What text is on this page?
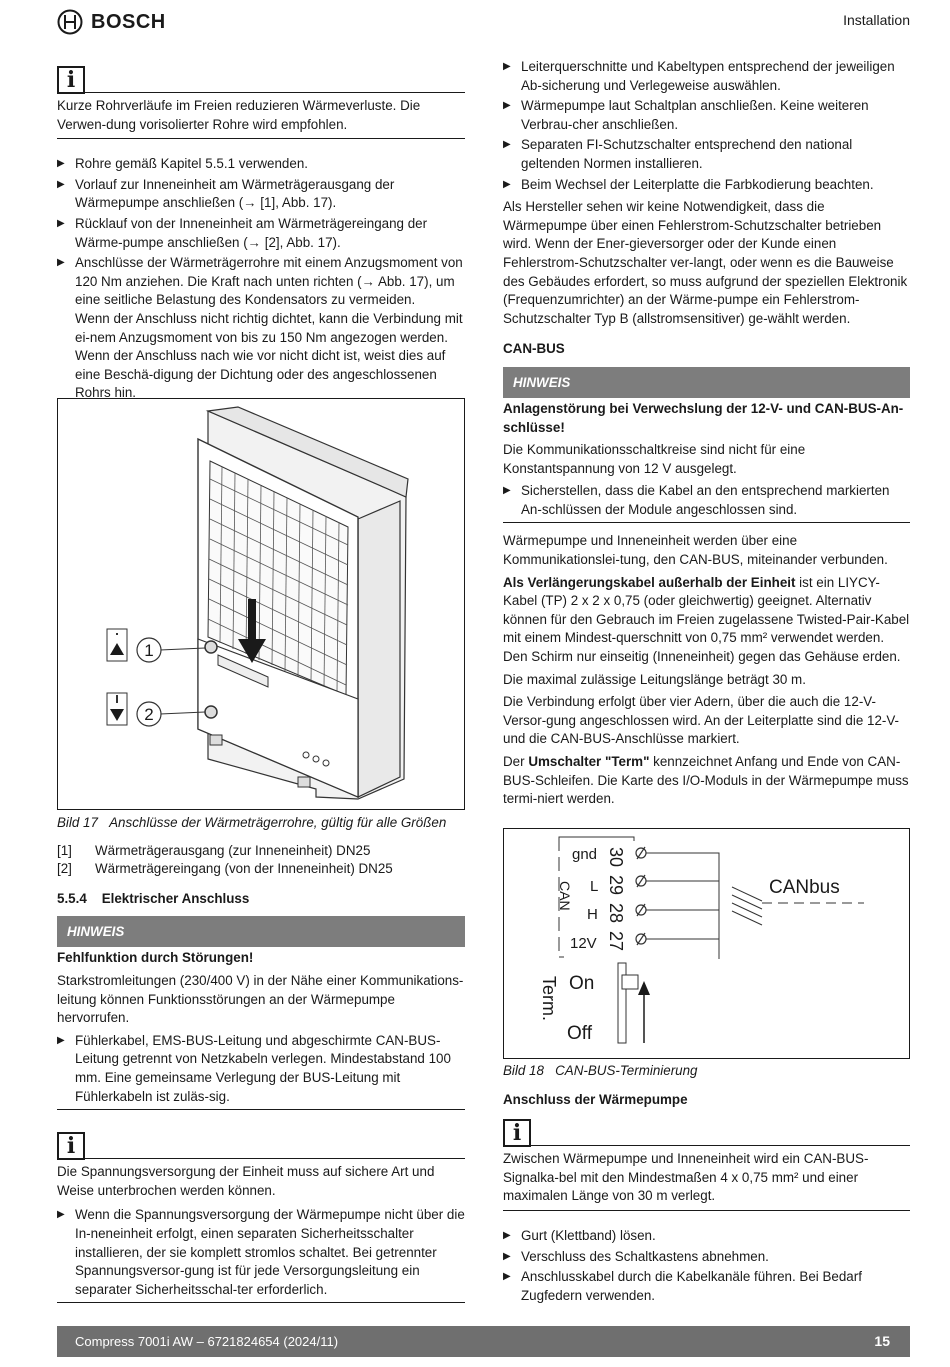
BOSCH	Installation
i

Kurze Rohrverläufe im Freien reduzieren Wärmeverluste. Die Verwen-dung vorisolierter Rohre wird empfohlen.

▶ Rohre gemäß Kapitel 5.5.1 verwenden.

▶ Vorlauf zur Inneneinheit am Wärmeträgerausgang der Wärmepumpe anschließen (→ [1], Abb. 17).

▶ Rücklauf von der Inneneinheit am Wärmeträgereingang der Wärme-pumpe anschließen (→ [2], Abb. 17).

▶ Anschlüsse der Wärmeträgerrohre mit einem Anzugsmoment von 120 Nm anziehen. Die Kraft nach unten richten (→ Abb. 17), um eine seitliche Belastung des Kondensators zu vermeiden.

Wenn der Anschluss nicht richtig dichtet, kann die Verbindung mit ei-nem Anzugsmoment von bis zu 150 Nm angezogen werden. Wenn der Anschluss nach wie vor nicht dicht ist, weist dies auf eine Beschä-digung der Dichtung oder des angeschlossenen Rohrs hin.

1
2

Bild 17 Anschlüsse der Wärmeträgerrohre, gültig für alle Größen

[1]	Wärmeträgerausgang (zur Inneneinheit) DN25
[2]	Wärmeträgereingang (von der Inneneinheit) DN25

5.5.4 Elektrischer Anschluss

HINWEIS

Fehlfunktion durch Störungen!

Starkstromleitungen (230/400 V) in der Nähe einer Kommunikations-leitung können Funktionsstörungen an der Wärmepumpe hervorrufen.

▶ Fühlerkabel, EMS-BUS-Leitung und abgeschirmte CAN-BUS-Leitung getrennt von Netzkabeln verlegen. Mindestabstand 100 mm. Eine gemeinsame Verlegung der BUS-Leitung mit Fühlerkabeln ist zuläs-sig.

i

Die Spannungsversorgung der Einheit muss auf sichere Art und Weise unterbrochen werden können.

▶ Wenn die Spannungsversorgung der Wärmepumpe nicht über die In-neneinheit erfolgt, einen separaten Sicherheitsschalter installieren, der sie komplett stromlos schaltet. Bei getrennter Spannungsversor-gung ist für jede Versorgungsleitung ein separater Sicherheitsschal-ter erforderlich.

▶ Leiterquerschnitte und Kabeltypen entsprechend der jeweiligen Ab-sicherung und Verlegeweise auswählen.

▶ Wärmepumpe laut Schaltplan anschließen. Keine weiteren Verbrau-cher anschließen.

▶ Separaten FI-Schutzschalter entsprechend den national geltenden Normen installieren.

▶ Beim Wechsel der Leiterplatte die Farbkodierung beachten.

Als Hersteller sehen wir keine Notwendigkeit, dass die Wärmepumpe über einen Fehlerstrom-Schutzschalter betrieben wird. Wenn der Ener-gieversorger oder der Kunde einen Fehlerstrom-Schutzschalter ver-langt, oder wenn es die Bauweise des Gebäudes erfordert, so muss aufgrund der speziellen Elektronik (Frequenzumrichter) an der Wärme-pumpe ein Fehlerstrom-Schutzschalter Typ B (allstromsensitiver) ge-wählt werden.

CAN-BUS

HINWEIS

Anlagenstörung bei Verwechslung der 12-V- und CAN-BUS-An-schlüsse!

Die Kommunikationsschaltkreise sind nicht für eine Konstantspannung von 12 V ausgelegt.

▶ Sicherstellen, dass die Kabel an den entsprechend markierten An-schlüssen der Module angeschlossen sind.

Wärmepumpe und Inneneinheit werden über eine Kommunikationslei-tung, den CAN-BUS, miteinander verbunden.

Als Verlängerungskabel außerhalb der Einheit ist ein LIYCY-Kabel (TP) 2 x 2 x 0,75 (oder gleichwertig) geeignet. Alternativ können für den Gebrauch im Freien zugelassene Twisted-Pair-Kabel mit einem Mindest-querschnitt von 0,75 mm² verwendet werden. Den Schirm nur einseitig (Inneneinheit) gegen das Gehäuse erden.

Die maximal zulässige Leitungslänge beträgt 30 m.

Die Verbindung erfolgt über vier Adern, über die auch die 12-V-Versor-gung angeschlossen wird. An der Leiterplatte sind die 12-V- und die CAN-BUS-Anschlüsse markiert.

Der Umschalter "Term" kennzeichnet Anfang und Ende von CAN-BUS-Schleifen. Die Karte des I/O-Moduls in der Wärmepumpe muss termi-niert werden.

gnd
L
H
12V
CAN
30
29
28
27
CANbus
Term. On
Off

Bild 18 CAN-BUS-Terminierung

Anschluss der Wärmepumpe

i

Zwischen Wärmepumpe und Inneneinheit wird ein CAN-BUS-Signalka-bel mit den Mindestmaßen 4 x 0,75 mm² und einer maximalen Länge von 30 m verlegt.

▶ Gurt (Klettband) lösen.

▶ Verschluss des Schaltkastens abnehmen.

▶ Anschlusskabel durch die Kabelkanäle führen. Bei Bedarf Zugfedern verwenden.

Compress 7001i AW – 6721824654 (2024/11)	15
